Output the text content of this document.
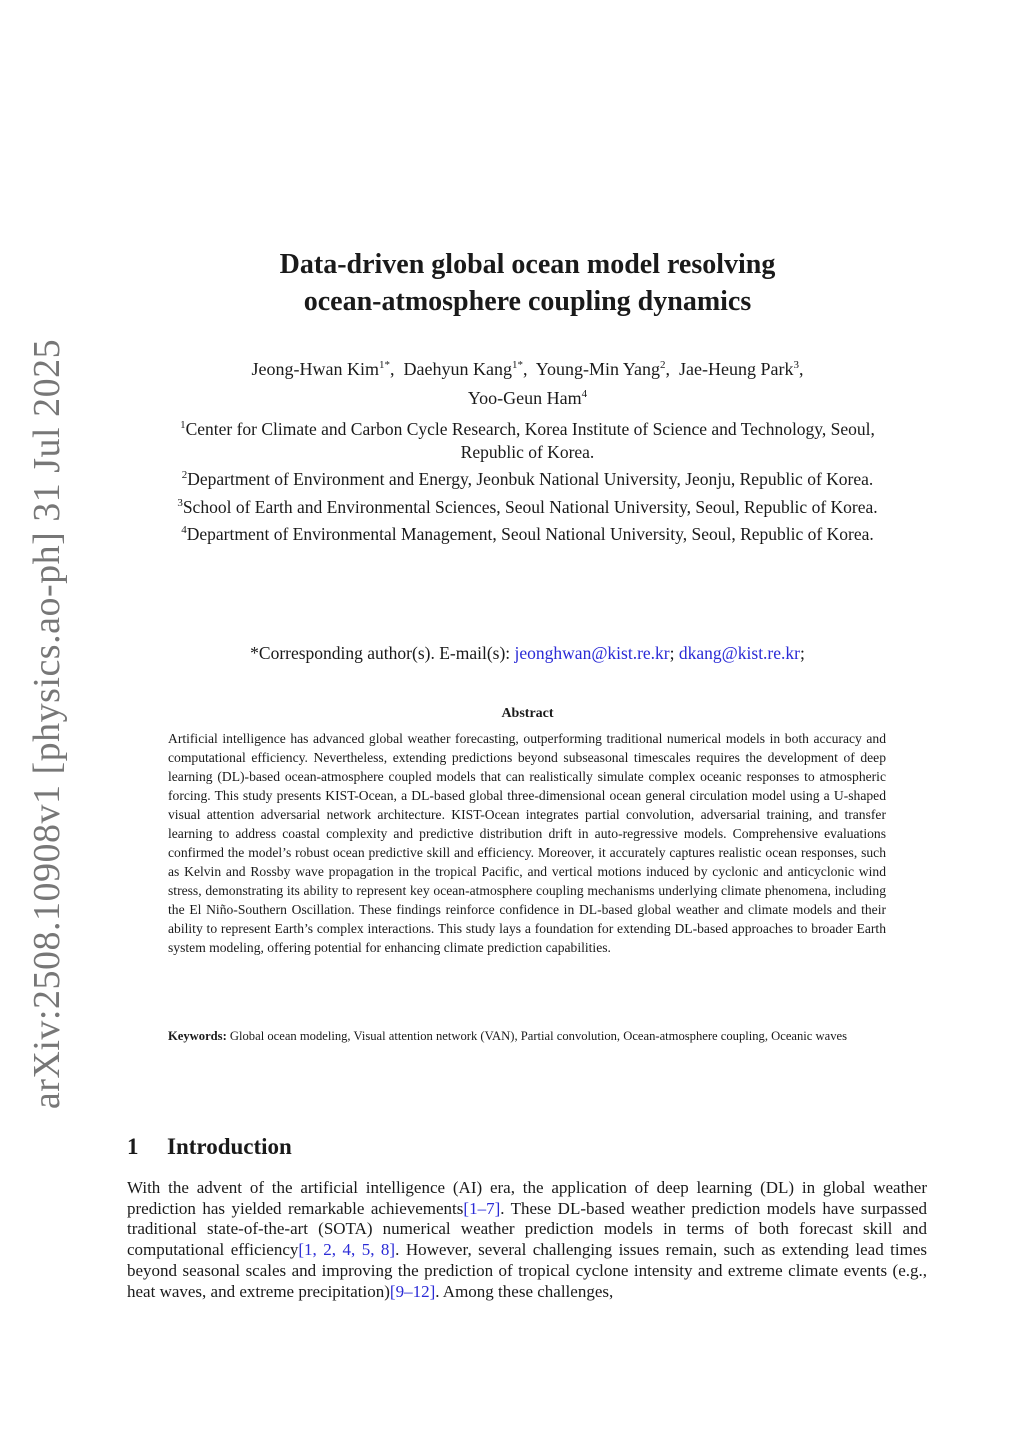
arXiv:2508.10908v1 [physics.ao-ph] 31 Jul 2025
Data-driven global ocean model resolving
ocean-atmosphere coupling dynamics
Jeong-Hwan Kim$^{1*}$,  Daehyun Kang$^{1*}$,  Young-Min Yang$^2$,  Jae-Heung Park$^3$,
Yoo-Geun Ham$^4$

$^1$Center for Climate and Carbon Cycle Research, Korea Institute of Science and Technology, Seoul, Republic of Korea.

$^2$Department of Environment and Energy, Jeonbuk National University, Jeonju, Republic of Korea.

$^3$School of Earth and Environmental Sciences, Seoul National University, Seoul, Republic of Korea.

$^4$Department of Environmental Management, Seoul National University, Seoul, Republic of Korea.

*Corresponding author(s). E-mail(s): jeonghwan@kist.re.kr; dkang@kist.re.kr;
Abstract
Artificial intelligence has advanced global weather forecasting, outperforming traditional numerical models in both accuracy and computational efficiency. Nevertheless, extending predictions beyond subseasonal timescales requires the development of deep learning (DL)-based ocean-atmosphere coupled models that can realistically simulate complex oceanic responses to atmospheric forcing. This study presents KIST-Ocean, a DL-based global three-dimensional ocean general circulation model using a U-shaped visual attention adversarial network architecture. KIST-Ocean integrates partial convolution, adversarial training, and transfer learning to address coastal complexity and predictive distribution drift in auto-regressive models. Comprehensive evaluations confirmed the model’s robust ocean predictive skill and efficiency. Moreover, it accurately captures realistic ocean responses, such as Kelvin and Rossby wave propagation in the tropical Pacific, and vertical motions induced by cyclonic and anticyclonic wind stress, demonstrating its ability to represent key ocean-atmosphere coupling mechanisms underlying climate phenomena, including the El Niño-Southern Oscillation. These findings reinforce confidence in DL-based global weather and climate models and their ability to represent Earth’s complex interactions. This study lays a foundation for extending DL-based approaches to broader Earth system modeling, offering potential for enhancing climate prediction capabilities.
Keywords: Global ocean modeling, Visual attention network (VAN), Partial convolution, Ocean-atmosphere coupling, Oceanic waves
1 Introduction
With the advent of the artificial intelligence (AI) era, the application of deep learning (DL) in global weather prediction has yielded remarkable achievements[1–7]. These DL-based weather prediction models have surpassed traditional state-of-the-art (SOTA) numerical weather prediction models in terms of both forecast skill and computational efficiency[1, 2, 4, 5, 8]. However, several challenging issues remain, such as extending lead times beyond seasonal scales and improving the prediction of tropical cyclone intensity and extreme climate events (e.g., heat waves, and extreme precipitation)[9–12]. Among these challenges,
